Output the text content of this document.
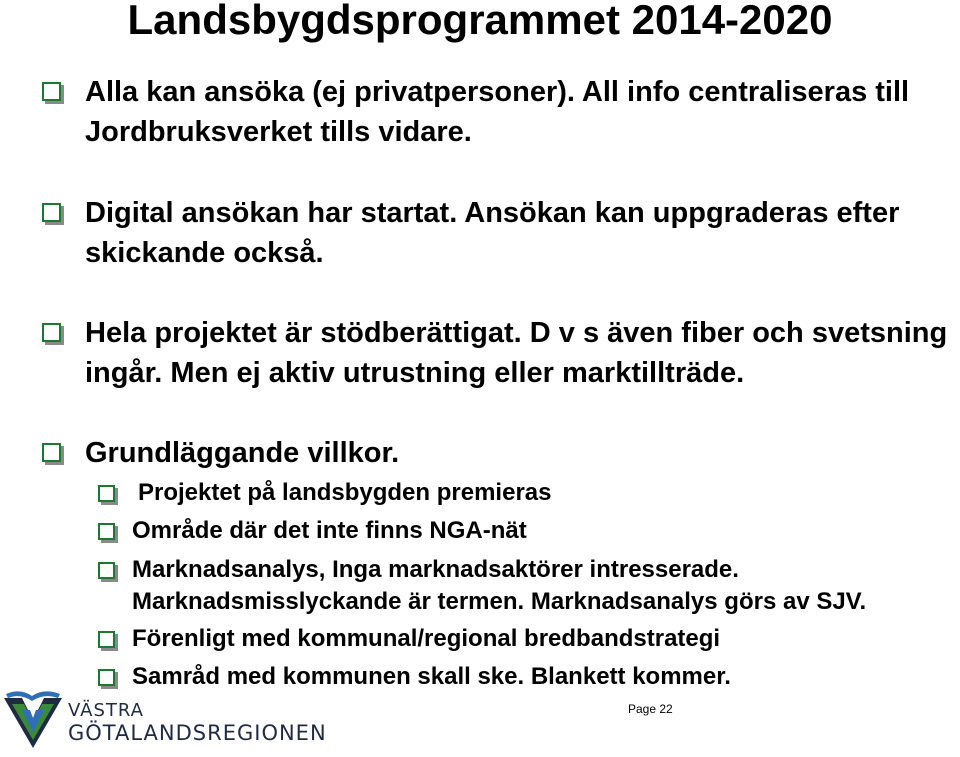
Landsbygdsprogrammet 2014-2020
Alla kan ansöka (ej privatpersoner). All info centraliseras till Jordbruksverket tills vidare.
Digital ansökan har startat. Ansökan kan uppgraderas efter skickande också.
Hela projektet är stödberättigat. D v s även fiber och svetsning ingår. Men ej aktiv utrustning eller marktillträde.
Grundläggande villkor.
Projektet på landsbygden premieras
Område där det inte finns NGA-nät
Marknadsanalys, Inga marknadsaktörer intresserade. Marknadsmisslyckande är termen. Marknadsanalys görs av SJV.
Förenligt med kommunal/regional bredbandstrategi
Samråd med kommunen skall ske. Blankett kommer.
VÄSTRA
GÖTALANDSREGIONEN
Page 22
